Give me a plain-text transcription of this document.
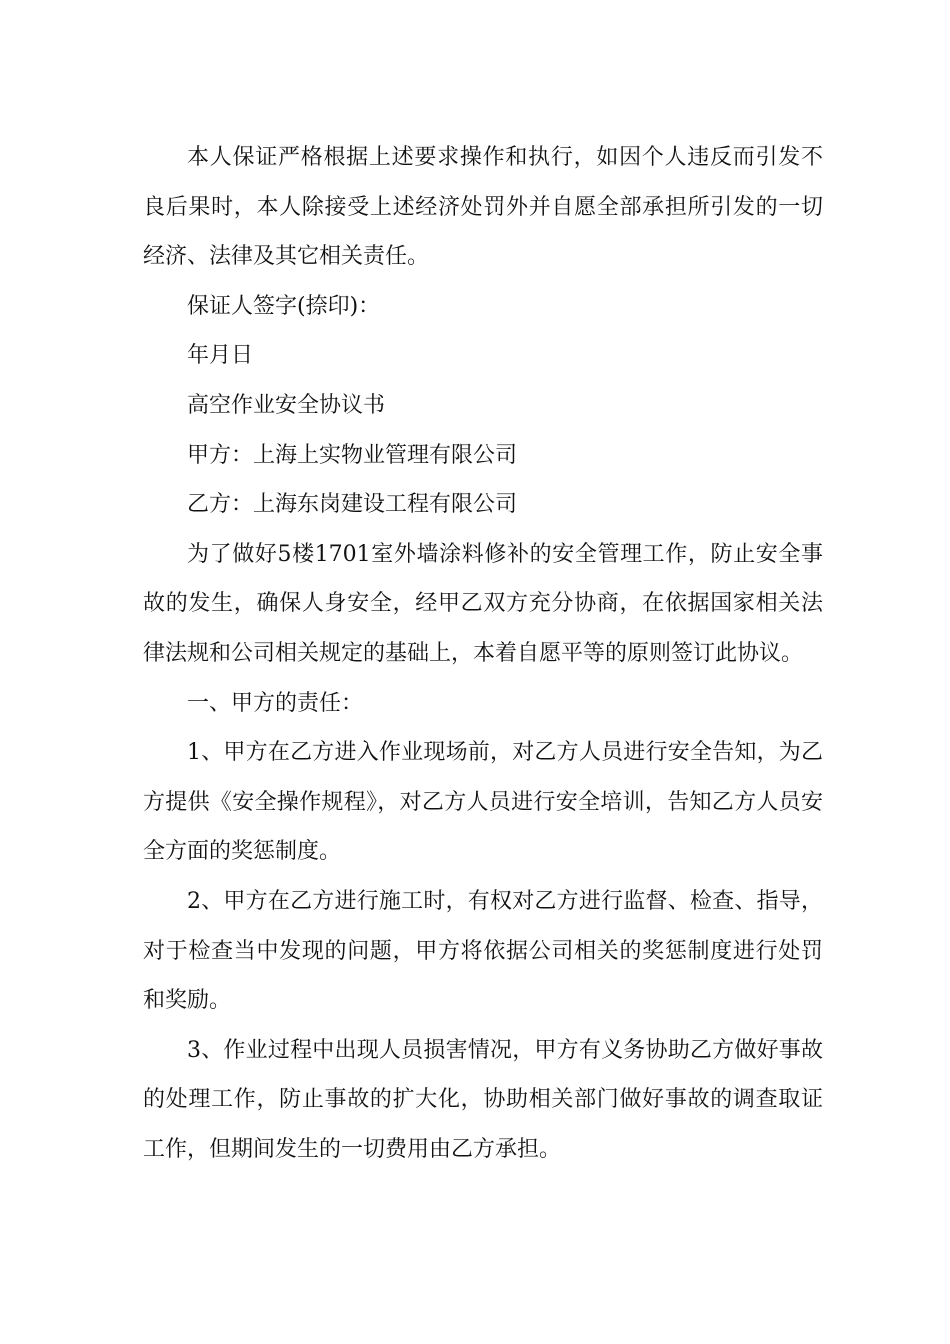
本人保证严格根据上述要求操作和执行，如因个人违反而引发不良后果时，本人除接受上述经济处罚外并自愿全部承担所引发的一切经济、法律及其它相关责任。

保证人签字(捺印)：

年月日

高空作业安全协议书

甲方：上海上实物业管理有限公司

乙方：上海东岗建设工程有限公司

为了做好5楼1701室外墙涂料修补的安全管理工作，防止安全事故的发生，确保人身安全，经甲乙双方充分协商，在依据国家相关法律法规和公司相关规定的基础上，本着自愿平等的原则签订此协议。

一、甲方的责任：

1、甲方在乙方进入作业现场前，对乙方人员进行安全告知，为乙方提供《安全操作规程》，对乙方人员进行安全培训，告知乙方人员安全方面的奖惩制度。

2、甲方在乙方进行施工时，有权对乙方进行监督、检查、指导，对于检查当中发现的问题，甲方将依据公司相关的奖惩制度进行处罚和奖励。

3、作业过程中出现人员损害情况，甲方有义务协助乙方做好事故的处理工作，防止事故的扩大化，协助相关部门做好事故的调查取证工作，但期间发生的一切费用由乙方承担。
